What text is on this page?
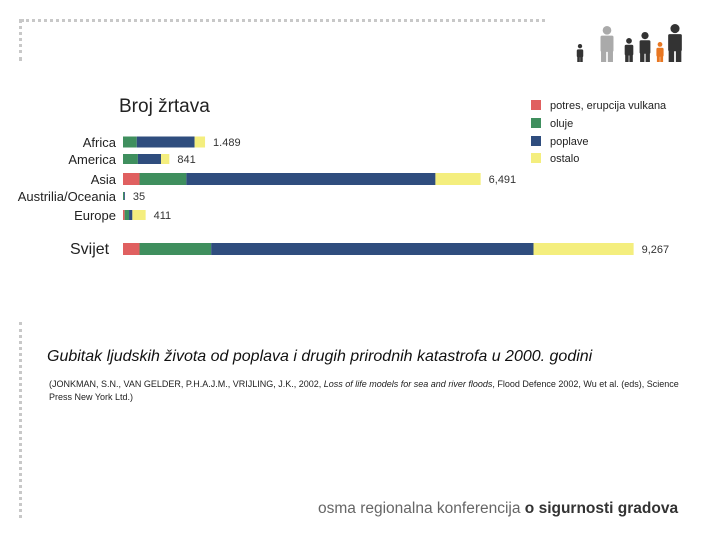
Broj žrtava
Africa	1.489
America	841
Asia	6,491
Austrilia/Oceania 35
Europe	411
Svijet	9,267
potres, erupcija vulkana
oluje
poplave
ostalo
Gubitak ljudskih života od poplava i drugih prirodnih katastrofa u 2000. godini
(JONKMAN, S.N., VAN GELDER, P.H.A.J.M., VRIJLING, J.K., 2002, Loss of life models for sea and river floods, Flood Defence 2002, Wu et al. (eds), Science Press New York Ltd.)
osma regionalna konferencija o sigurnosti gradova
